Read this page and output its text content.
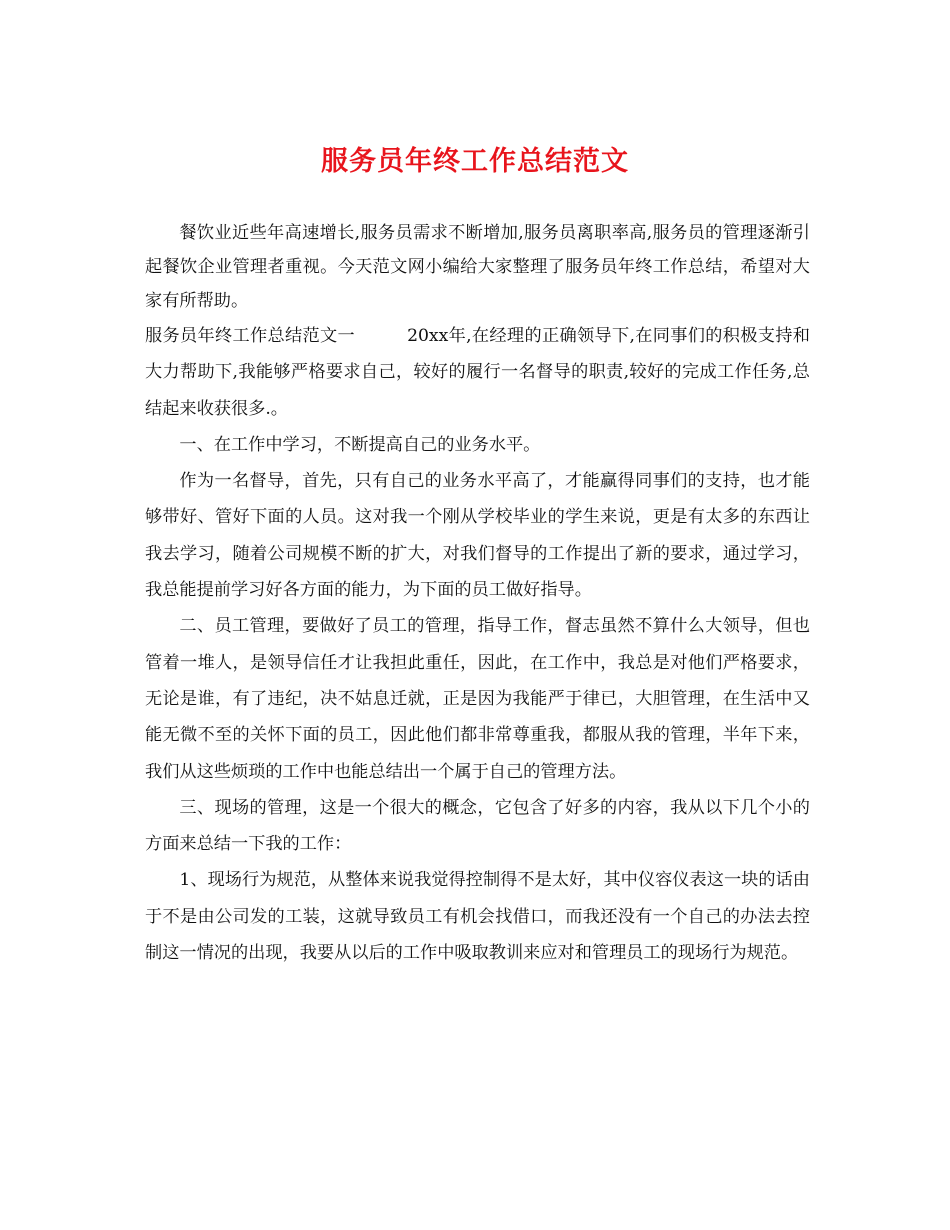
服务员年终工作总结范文

餐饮业近些年高速增长,服务员需求不断增加,服务员离职率高,服务员的管理逐渐引起餐饮企业管理者重视。今天范文网小编给大家整理了服务员年终工作总结，希望对大家有所帮助。

服务员年终工作总结范文一	20xx年,在经理的正确领导下,在同事们的积极支持和大力帮助下,我能够严格要求自己，较好的履行一名督导的职责,较好的完成工作任务,总结起来收获很多.。

一、在工作中学习，不断提高自己的业务水平。

作为一名督导，首先，只有自己的业务水平高了，才能赢得同事们的支持，也才能够带好、管好下面的人员。这对我一个刚从学校毕业的学生来说，更是有太多的东西让我去学习，随着公司规模不断的扩大，对我们督导的工作提出了新的要求，通过学习，我总能提前学习好各方面的能力，为下面的员工做好指导。

二、员工管理，要做好了员工的管理，指导工作，督志虽然不算什么大领导，但也管着一堆人，是领导信任才让我担此重任，因此，在工作中，我总是对他们严格要求，无论是谁，有了违纪，决不姑息迁就，正是因为我能严于律已，大胆管理，在生活中又能无微不至的关怀下面的员工，因此他们都非常尊重我，都服从我的管理，半年下来，我们从这些烦琐的工作中也能总结出一个属于自己的管理方法。

三、现场的管理，这是一个很大的概念，它包含了好多的内容，我从以下几个小的方面来总结一下我的工作：

1、现场行为规范，从整体来说我觉得控制得不是太好，其中仪容仪表这一块的话由于不是由公司发的工装，这就导致员工有机会找借口，而我还没有一个自己的办法去控制这一情况的出现，我要从以后的工作中吸取教训来应对和管理员工的现场行为规范。
